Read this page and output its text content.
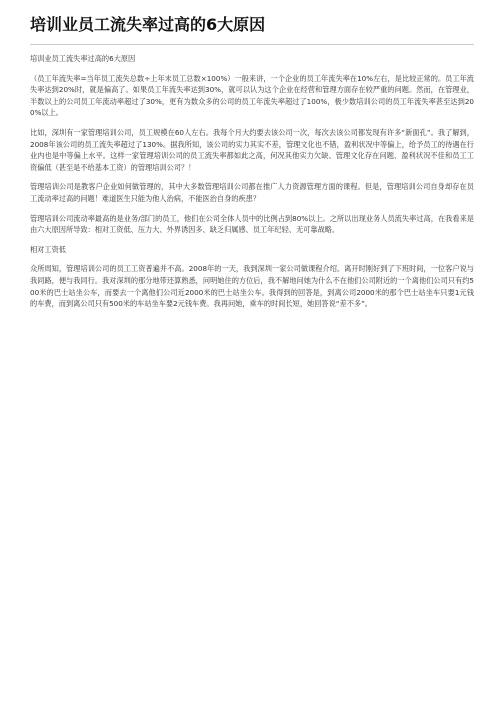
培训业员工流失率过高的6大原因

培训业员工流失率过高的6大原因

（员工年流失率=当年员工流失总数÷上年末员工总数×100%）一般来讲，一个企业的员工年流失率在10%左右，是比较正常的。员工年流失率达到20%时，就是偏高了。如果员工年流失率达到30%，就可以认为这个企业在经营和管理方面存在较严重的问题。然而，在管理业，半数以上的公司员工年流动率超过了30%，更有为数众多的公司的员工年流失率超过了100%，极少数培训公司的员工年流失率甚至达到200%以上。

比如，深圳有一家管理培训公司，员工规模在60人左右。我每个月大约要去该公司一次，每次去该公司都发现有许多“新面孔”。我了解到，2008年该公司的员工流失率超过了130%。据我所知，该公司的实力其实不差，管理文化也不错，盈利状况中等偏上，给予员工的待遇在行业内也是中等偏上水平。这样一家管理培训公司的员工流失率都如此之高，何况其他实力欠缺、管理文化存在问题、盈利状况不佳和员工工资偏低（甚至是不给基本工资）的管理培训公司？！

管理培训公司是教客户企业如何做管理的，其中大多数管理培训公司都在推广人力资源管理方面的课程。但是，管理培训公司自身却存在员工流动率过高的问题！难道医生只能为他人治病，不能医治自身的疾患？

管理培训公司流动率最高的是业务/部门的员工，他们在公司全体人员中的比例占到80%以上。之所以出现业务人员流失率过高，在我看来是由六大原因所导致：相对工资低、压力大、外界诱因多、缺乏归属感、员工年纪轻、无可靠战略。

相对工资低

众所周知，管理培训公司的员工工资普遍并不高。2008年的一天，我到深圳一家公司做课程介绍。离开时刚好到了下班时间，一位客户说与我同路，便与我同行。我对深圳的那分地带还算熟悉，问明她住的方位后，我不解地问她为什么不在他们公司附近的一个离他们公司只有约500米的巴士站坐公车，而要去一个离他们公司近2000米的巴士站坐公车。我得到的回答是，到离公司2000米的那个巴士站坐车只要1元钱的车费，而到离公司只有500米的车站坐车要2元钱车费。我再问她，乘车的时间长短，她回答说“差不多”。
